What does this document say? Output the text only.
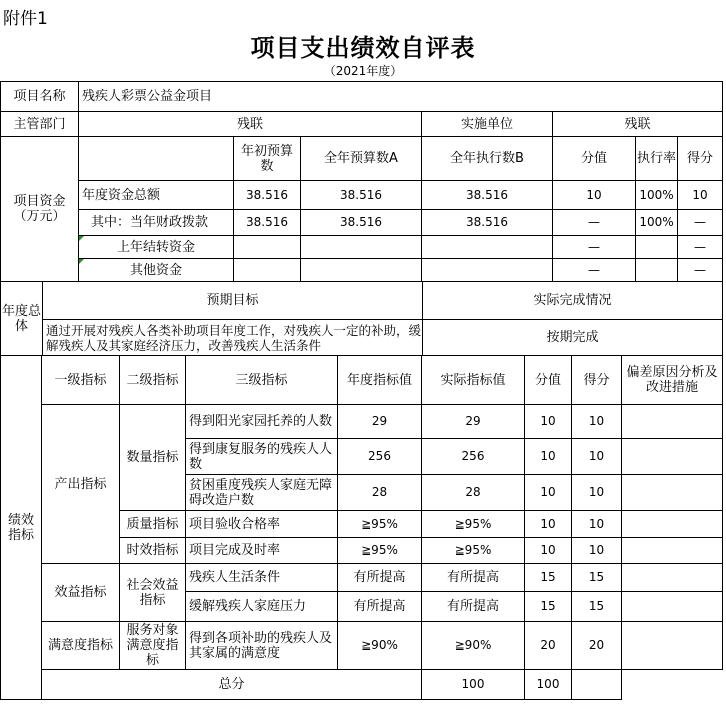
附件1
项目支出绩效自评表
（2021年度）
项目名称	残疾人彩票公益金项目						
主管部门	残联			实施单位	残联		
项目资金（万元）		年初预算数	全年预算数A	全年执行数B	分值	执行率	得分
	年度资金总额	38.516	38.516	38.516	10	100%	10
	其中：当年财政拨款	38.516	38.516	38.516	—	100%	—
	上年结转资金				—		—
	其他资金				—		—
年度总体	预期目标	实际完成情况
	通过开展对残疾人各类补助项目年度工作，对残疾人一定的补助，缓解残疾人及其家庭经济压力，改善残疾人生活条件	按期完成
绩效指标	一级指标	二级指标	三级指标	年度指标值	实际指标值	分值	得分	偏差原因分析及改进措施
	产出指标	数量指标	得到阳光家园托养的人数	29	29	10	10	
			得到康复服务的残疾人人数	256	256	10	10	
			贫困重度残疾人家庭无障碍改造户数	28	28	10	10	
		质量指标	项目验收合格率	≧95%	≧95%	10	10	
		时效指标	项目完成及时率	≧95%	≧95%	10	10	
	效益指标	社会效益指标	残疾人生活条件	有所提高	有所提高	15	15	
			缓解残疾人家庭压力	有所提高	有所提高	15	15	
	满意度指标	服务对象满意度指标	得到各项补助的残疾人及其家属的满意度	≧90%	≧90%	20	20	
	总分				100	100		
